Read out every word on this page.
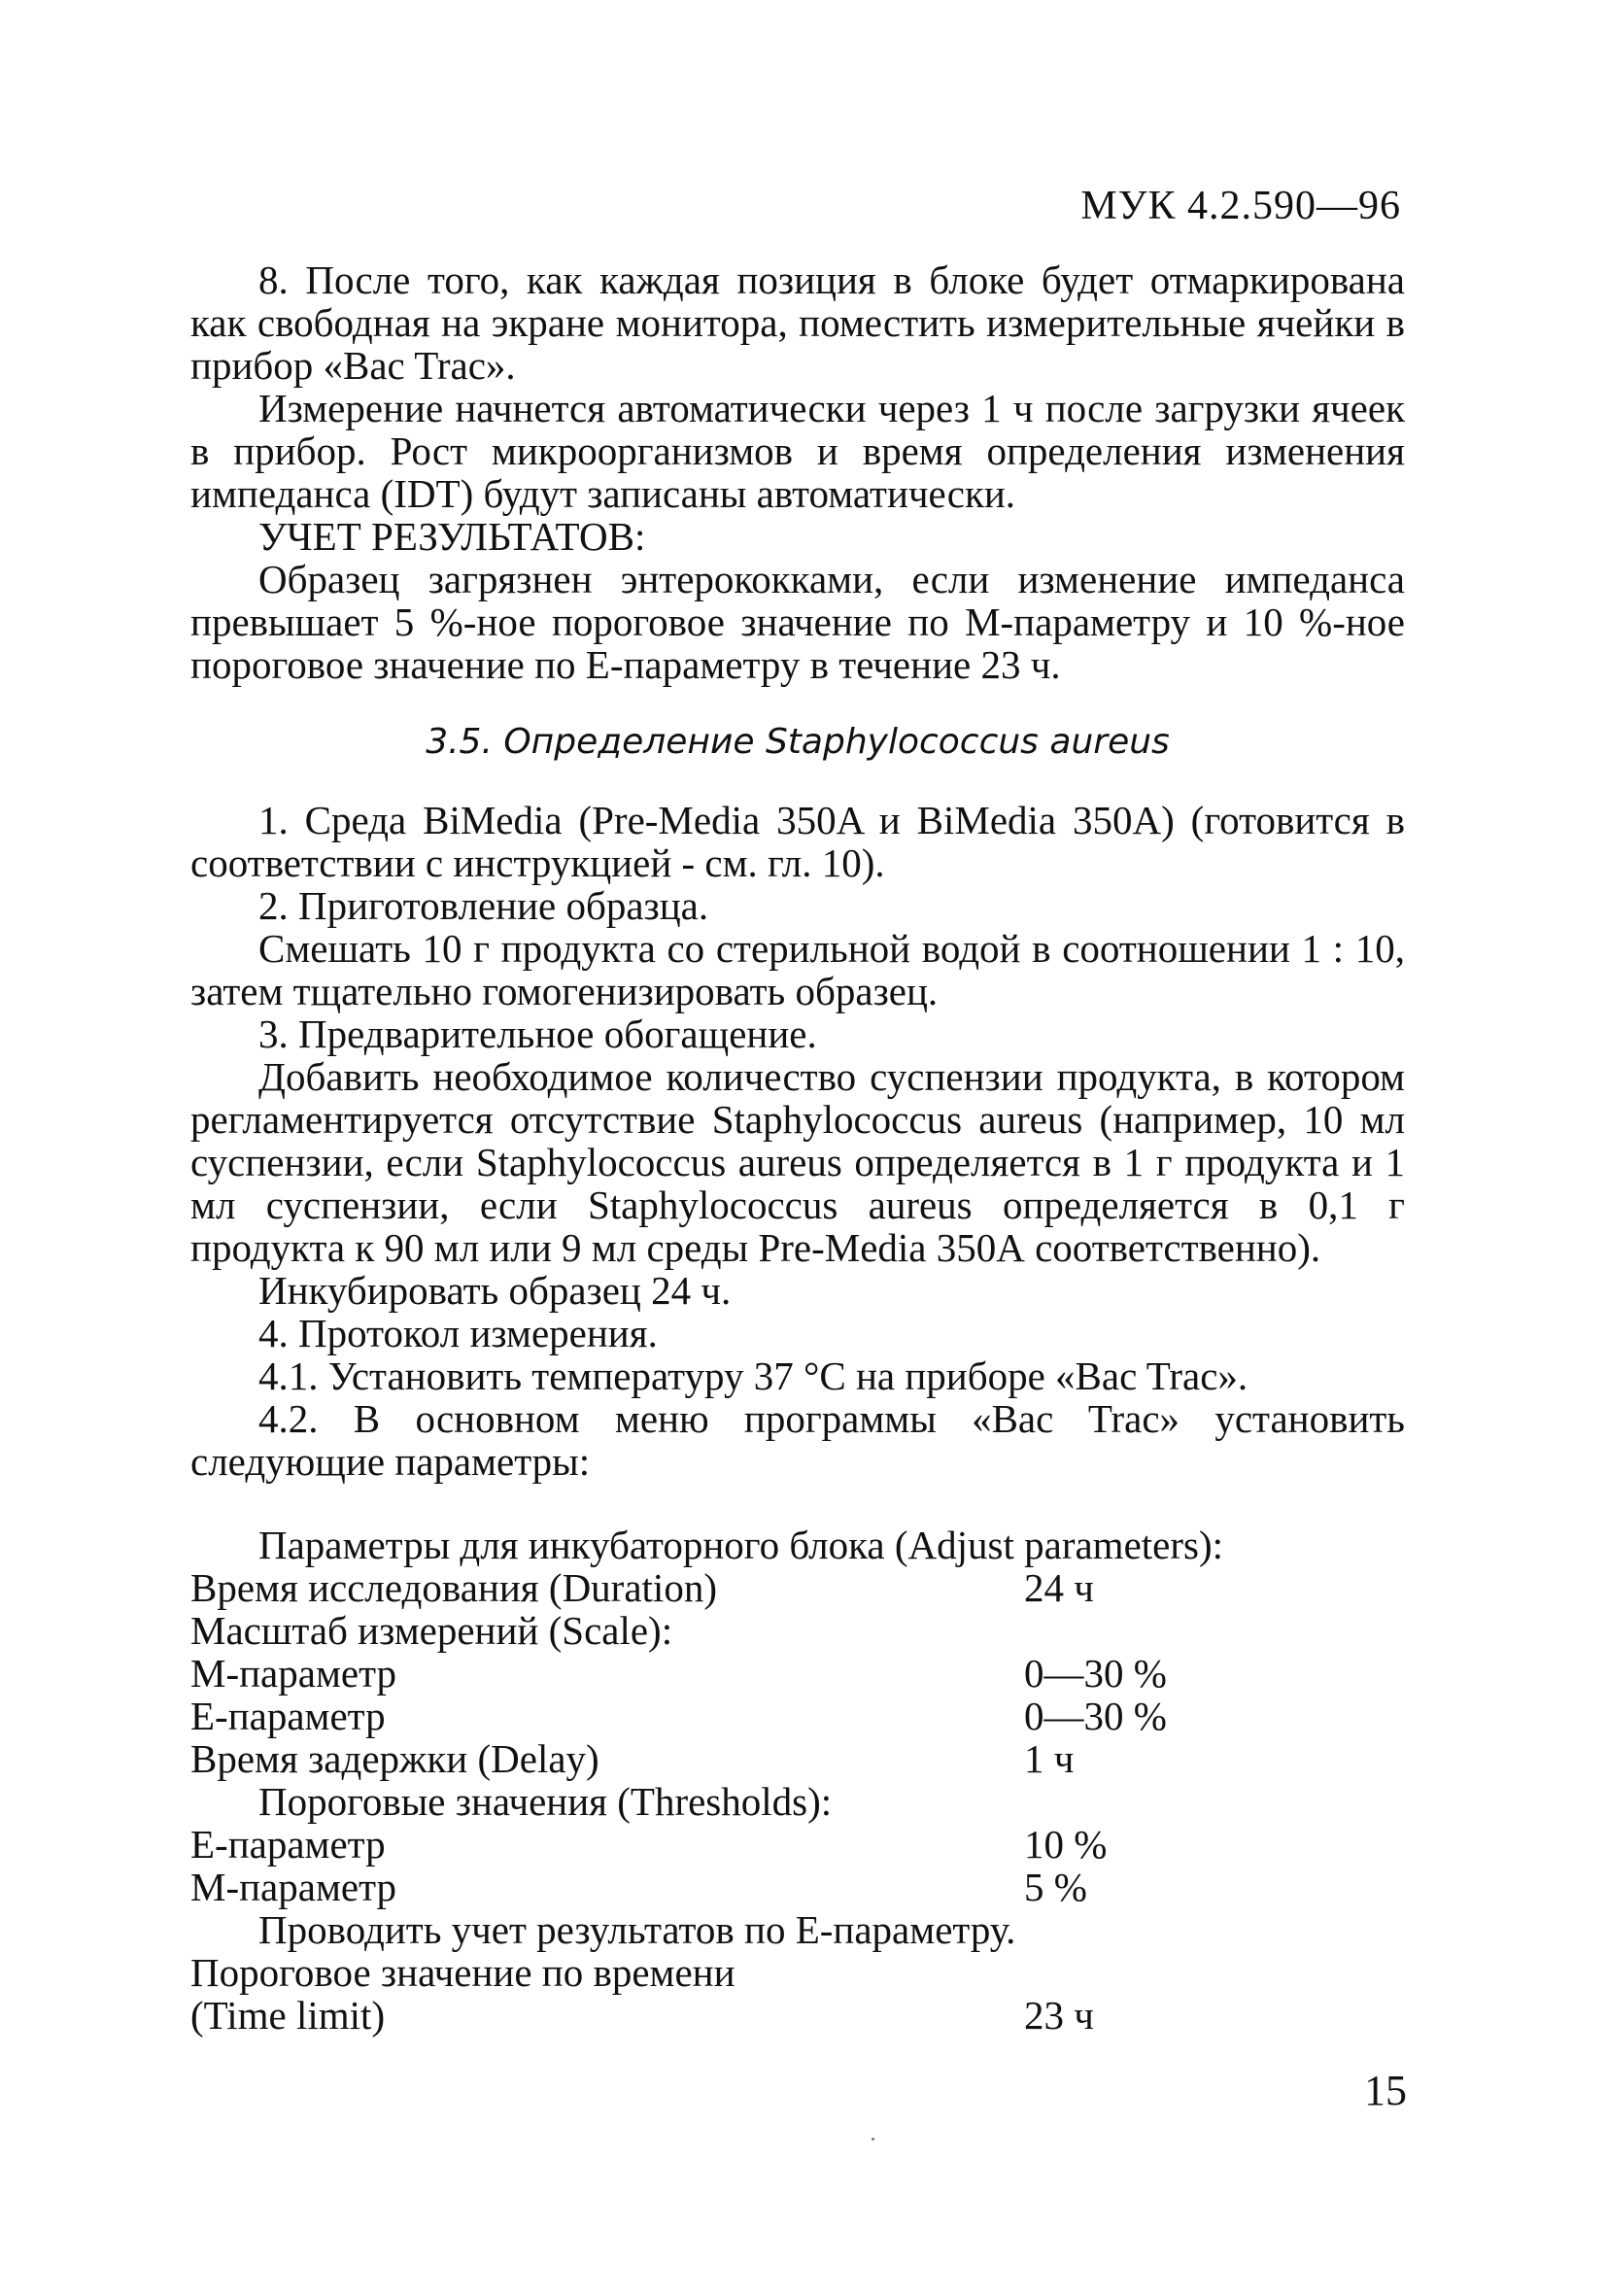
МУК 4.2.590—96

8. После того, как каждая позиция в блоке будет отмаркирована как свободная на экране монитора, поместить измерительные ячейки в прибор «Bac Trac».

Измерение начнется автоматически через 1 ч после загрузки ячеек в прибор. Рост микроорганизмов и время определения изменения импеданса (IDT) будут записаны автоматически.

УЧЕТ РЕЗУЛЬТАТОВ:

Образец загрязнен энтерококками, если изменение импеданса превышает 5 %-ное пороговое значение по М-параметру и 10 %-ное пороговое значение по Е-параметру в течение 23 ч.

3.5. Определение Staphylococcus aureus

1. Среда BiMedia (Pre-Media 350A и BiMedia 350А) (готовится в соответствии с инструкцией - см. гл. 10).

2. Приготовление образца.

Смешать 10 г продукта со стерильной водой в соотношении 1 : 10, затем тщательно гомогенизировать образец.

3. Предварительное обогащение.

Добавить необходимое количество суспензии продукта, в котором регламентируется отсутствие Staphylococcus aureus (например, 10 мл суспензии, если Staphylococcus aureus определяется в 1 г продукта и 1 мл суспензии, если Staphylococcus aureus определяется в 0,1 г продукта к 90 мл или 9 мл среды Pre-Media 350А соответственно).

Инкубировать образец 24 ч.

4. Протокол измерения.

4.1. Установить температуру 37 °С на приборе «Bac Trac».

4.2. В основном меню программы «Bac Trac» установить следующие параметры:

Параметры для инкубаторного блока (Adjust parameters):
Время исследования (Duration)	24 ч
Масштаб измерений (Scale):
М-параметр	0—30 %
Е-параметр	0—30 %
Время задержки (Delay)	1 ч
Пороговые значения (Thresholds):
Е-параметр	10 %
М-параметр	5 %
Проводить учет результатов по Е-параметру.
Пороговое значение по времени
(Time limit)	23 ч
15
